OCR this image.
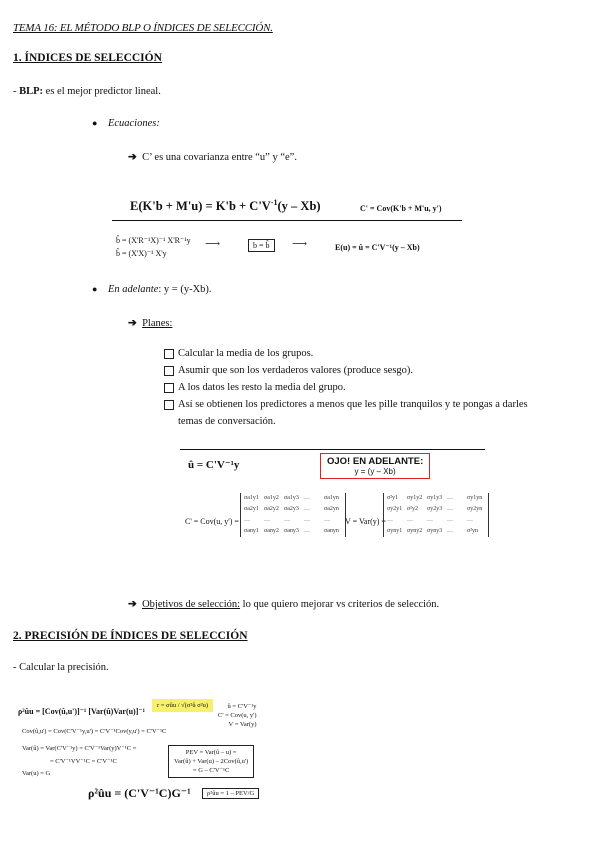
TEMA 16: EL MÉTODO BLP O ÍNDICES DE SELECCIÓN.
1. ÍNDICES DE SELECCIÓN
- BLP: es el mejor predictor lineal.
● Ecuaciones:
➔ C’ es una covarianza entre “u” y “e”.
$E(K'b + M'u) = K'b + C'V^{-1}(y - Xb)$	C' = Cov(K'b + M'u, y')
b̂ = (X'R⁻¹X)⁻¹ X'R⁻¹y
b̂ = (X'X)⁻¹ X'y
⟶	b = b̂	⟶	E(u) = û = C'V⁻¹(y – Xb)
● En adelante: y = (y-Xb).
➔ Planes:
Calcular la media de los grupos.
Asumir que son los verdaderos valores (produce sesgo).
A los datos les resto la media del grupo.
Así se obtienen los predictores a menos que les pille tranquilos y te pongas a darles
temas de conversación.
û = C'V⁻¹y	OJO! EN ADELANTE:
y = (y – Xb)
C' = Cov(u, y') =
σa1y1 σa1y2 σa1y3 …	σa1yn
σa2y1 σa2y2 σa2y3 …	σa2yn
…	…	…	…	…
σany1 σany2 σany3 …	σanyn
V = Var(y) =
σ²y1	σy1y2 σy1y3 …	σy1yn
σy2y1 σ²y2	σy2y3 …	σy2yn
…	…	…	…	…
σyny1 σyny2 σyny3 …	σ²yn
➔ Objetivos de selección: lo que quiero mejorar vs criterios de selección.
2. PRECISIÓN DE ÍNDICES DE SELECCIÓN
- Calcular la precisión.
ρ²ûu = [Cov(û,u')]⁻¹ [Var(û)Var(u)]⁻¹
r = σûu / √(σ²û σ²u)	û = C'V⁻¹y
C' = Cov(u, y')
V = Var(y)
Cov(û,u') = Cov(C'V⁻¹y,u') = C'V⁻¹Cov(y,u') = C'V⁻¹C
Var(û) = Var(C'V⁻¹y) = C'V⁻¹Var(y)V⁻¹C =
= C'V⁻¹VV⁻¹C = C'V⁻¹C
Var(u) = G
PEV = Var(û – u) =
Var(û) + Var(u) – 2Cov(û,u')
= G – C'V⁻¹C
ρ²ûu = (C'V⁻¹C)G⁻¹	ρ²ûu = 1 – PEV/G
